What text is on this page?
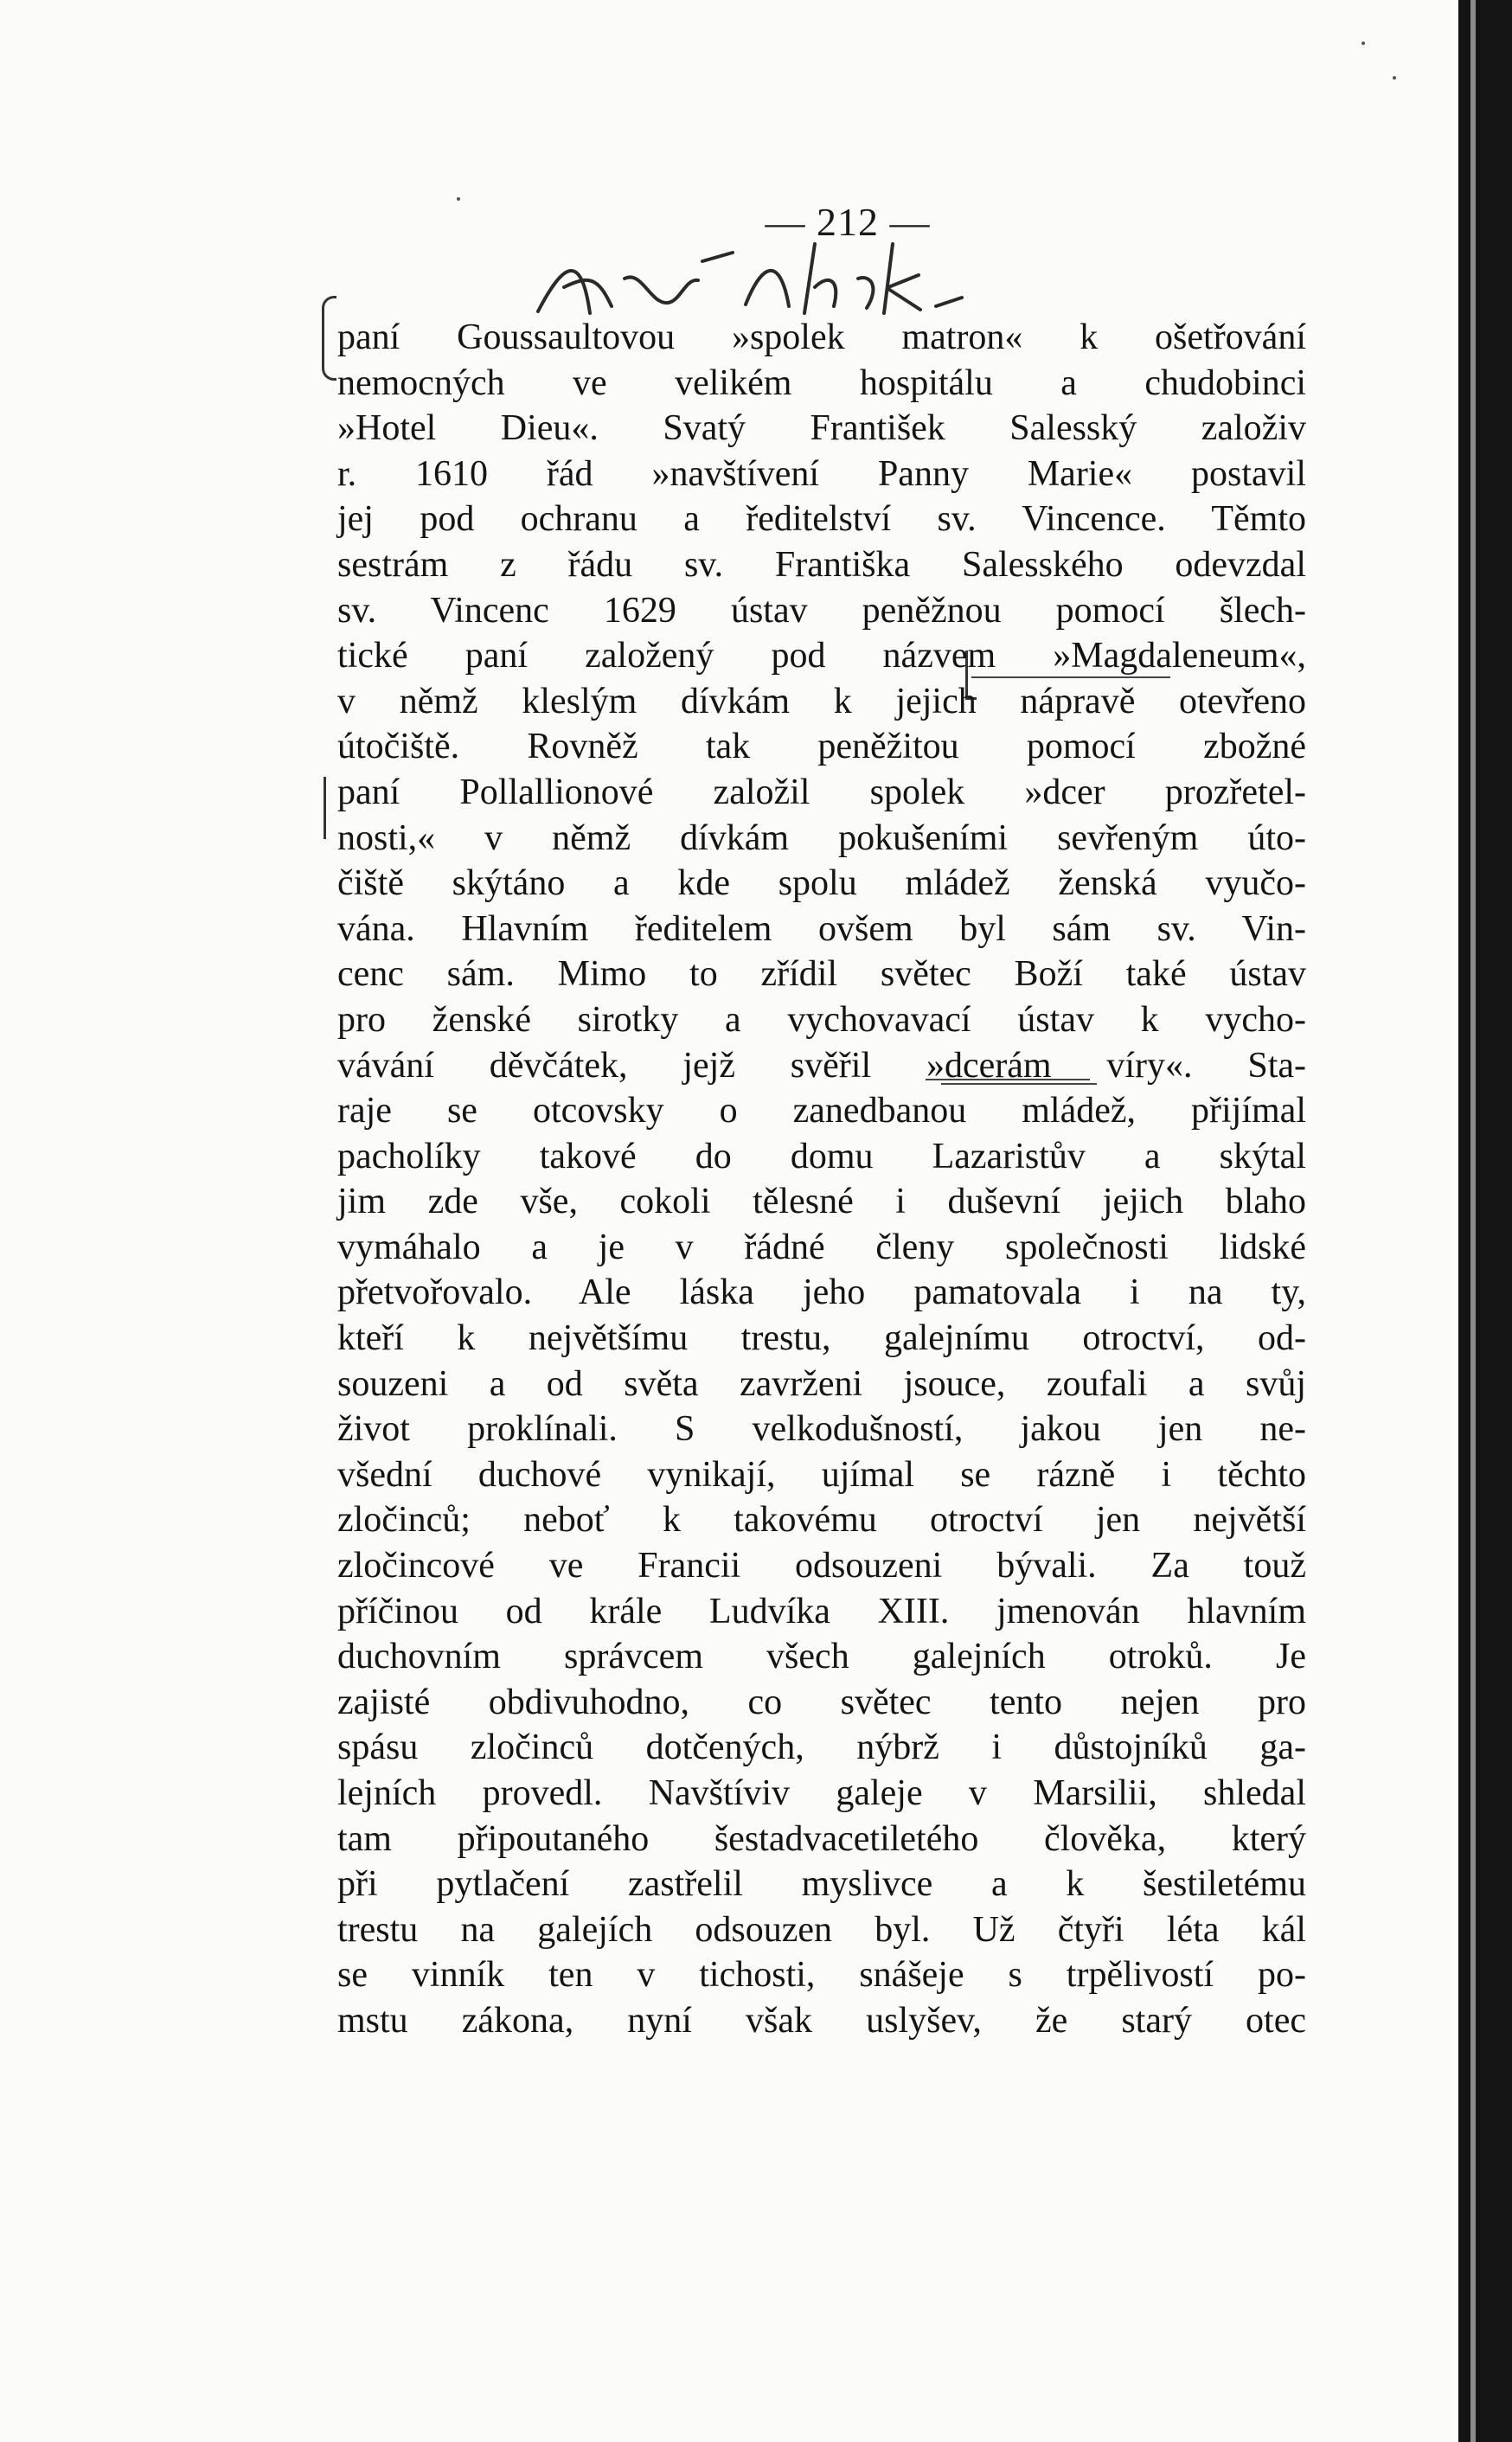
— 212 —
Kříž i Čok
paní Goussaultovou »spolek matron« k ošetřování
nemocných ve velikém hospitálu a chudobinci
»Hotel Dieu«. Svatý František Salesský založiv
r. 1610 řád »navštívení Panny Marie« postavil
jej pod ochranu a ředitelství sv. Vincence. Těmto
sestrám z řádu sv. Františka Salesského odevzdal
sv. Vincenc 1629 ústav peněžnou pomocí šlech-
tické paní založený pod názvem »Magdaleneum«,
v němž kleslým dívkám k jejich nápravě otevřeno
útočiště. Rovněž tak peněžitou pomocí zbožné
paní Pollallionové založil spolek »dcer prozřetel-
nosti,« v němž dívkám pokušeními sevřeným úto-
čiště skýtáno a kde spolu mládež ženská vyučo-
vána. Hlavním ředitelem ovšem byl sám sv. Vin-
cenc sám. Mimo to zřídil světec Boží také ústav
pro ženské sirotky a vychovavací ústav k vycho-
vávání děvčátek, jejž svěřil »dcerám víry«. Sta-
raje se otcovsky o zanedbanou mládež, přijímal
pacholíky takové do domu Lazaristův a skýtal
jim zde vše, cokoli tělesné i duševní jejich blaho
vymáhalo a je v řádné členy společnosti lidské
přetvořovalo. Ale láska jeho pamatovala i na ty,
kteří k největšímu trestu, galejnímu otroctví, od-
souzeni a od světa zavrženi jsouce, zoufali a svůj
život proklínali. S velkodušností, jakou jen ne-
všední duchové vynikají, ujímal se rázně i těchto
zločinců; neboť k takovému otroctví jen největší
zločincové ve Francii odsouzeni bývali. Za touž
příčinou od krále Ludvíka XIII. jmenován hlavním
duchovním správcem všech galejních otroků. Je
zajisté obdivuhodno, co světec tento nejen pro
spásu zločinců dotčených, nýbrž i důstojníků ga-
lejních provedl. Navštíviv galeje v Marsilii, shledal
tam připoutaného šestadvacetiletého člověka, který
při pytlačení zastřelil myslivce a k šestiletému
trestu na galejích odsouzen byl. Už čtyři léta kál
se vinník ten v tichosti, snášeje s trpělivostí po-
mstu zákona, nyní však uslyšev, že starý otec
